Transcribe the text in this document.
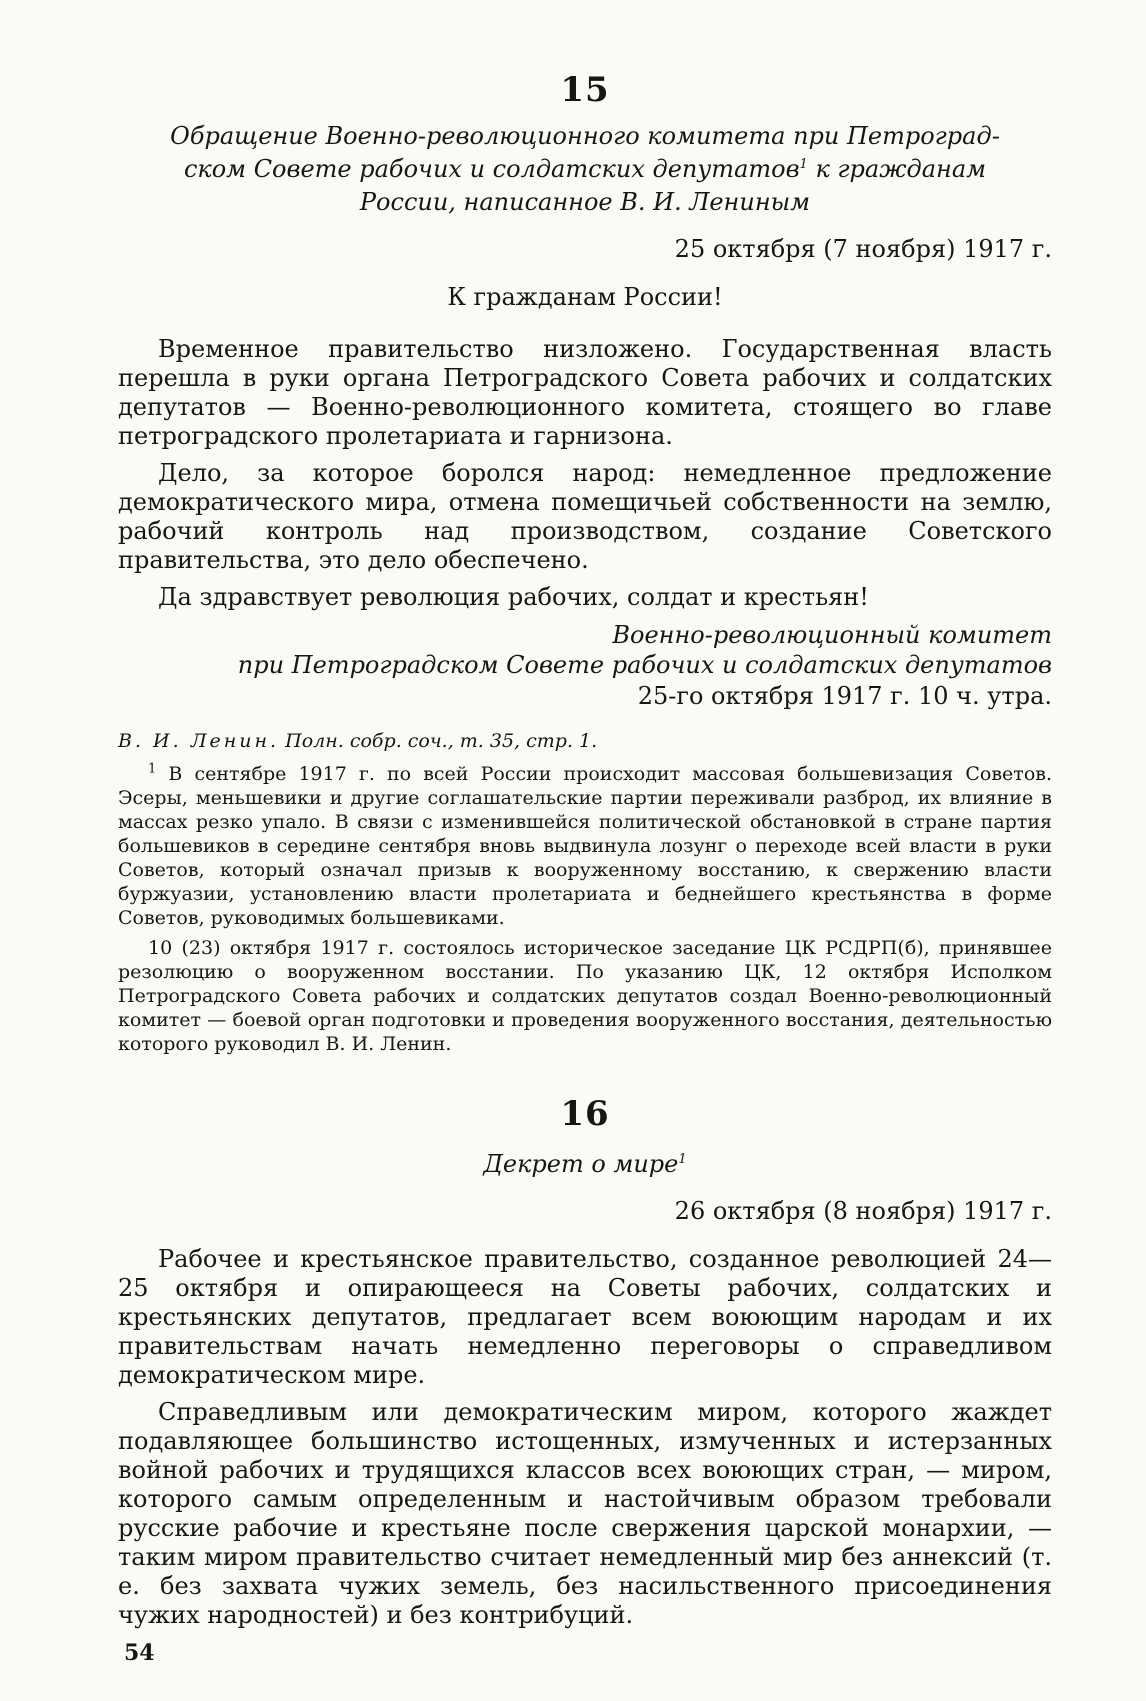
15
Обращение Военно-революционного комитета при Петроград-
ском Совете рабочих и солдатских депутатов$^1$ к гражданам
России, написанное В. И. Лениным
25 октября (7 ноября) 1917 г.
К гражданам России!

Временное правительство низложено. Государственная власть перешла в руки органа Петроградского Совета рабочих и солдатских депутатов — Военно-революционного комитета, стоящего во главе петроградского пролетариата и гарнизона.

Дело, за которое боролся народ: немедленное предложение демократического мира, отмена помещичьей собственности на землю, рабочий контроль над производством, создание Советского правительства, это дело обеспечено.

Да здравствует революция рабочих, солдат и крестьян!

Военно-революционный комитет
при Петроградском Совете рабочих и солдатских депутатов
25-го октября 1917 г. 10 ч. утра.
В. И. Ленин. Полн. собр. соч., т. 35, стр. 1.

$^1$ В сентябре 1917 г. по всей России происходит массовая большевизация Советов. Эсеры, меньшевики и другие соглашательские партии переживали разброд, их влияние в массах резко упало. В связи с изменившейся политической обстановкой в стране партия большевиков в середине сентября вновь выдвинула лозунг о переходе всей власти в руки Советов, который означал призыв к вооруженному восстанию, к свержению власти буржуазии, установлению власти пролетариата и беднейшего крестьянства в форме Советов, руководимых большевиками.

10 (23) октября 1917 г. состоялось историческое заседание ЦК РСДРП(б), принявшее резолюцию о вооруженном восстании. По указанию ЦК, 12 октября Исполком Петроградского Совета рабочих и солдатских депутатов создал Военно-революционный комитет — боевой орган подготовки и проведения вооруженного восстания, деятельностью которого руководил В. И. Ленин.

16
Декрет о мире$^1$
26 октября (8 ноября) 1917 г.

Рабочее и крестьянское правительство, созданное революцией 24—25 октября и опирающееся на Советы рабочих, солдатских и крестьянских депутатов, предлагает всем воюющим народам и их правительствам начать немедленно переговоры о справедливом демократическом мире.

Справедливым или демократическим миром, которого жаждет подавляющее большинство истощенных, измученных и истерзанных войной рабочих и трудящихся классов всех воюющих стран, — миром, которого самым определенным и настойчивым образом требовали русские рабочие и крестьяне после свержения царской монархии, — таким миром правительство считает немедленный мир без аннексий (т. е. без захвата чужих земель, без насильственного присоединения чужих народностей) и без контрибуций.

54
